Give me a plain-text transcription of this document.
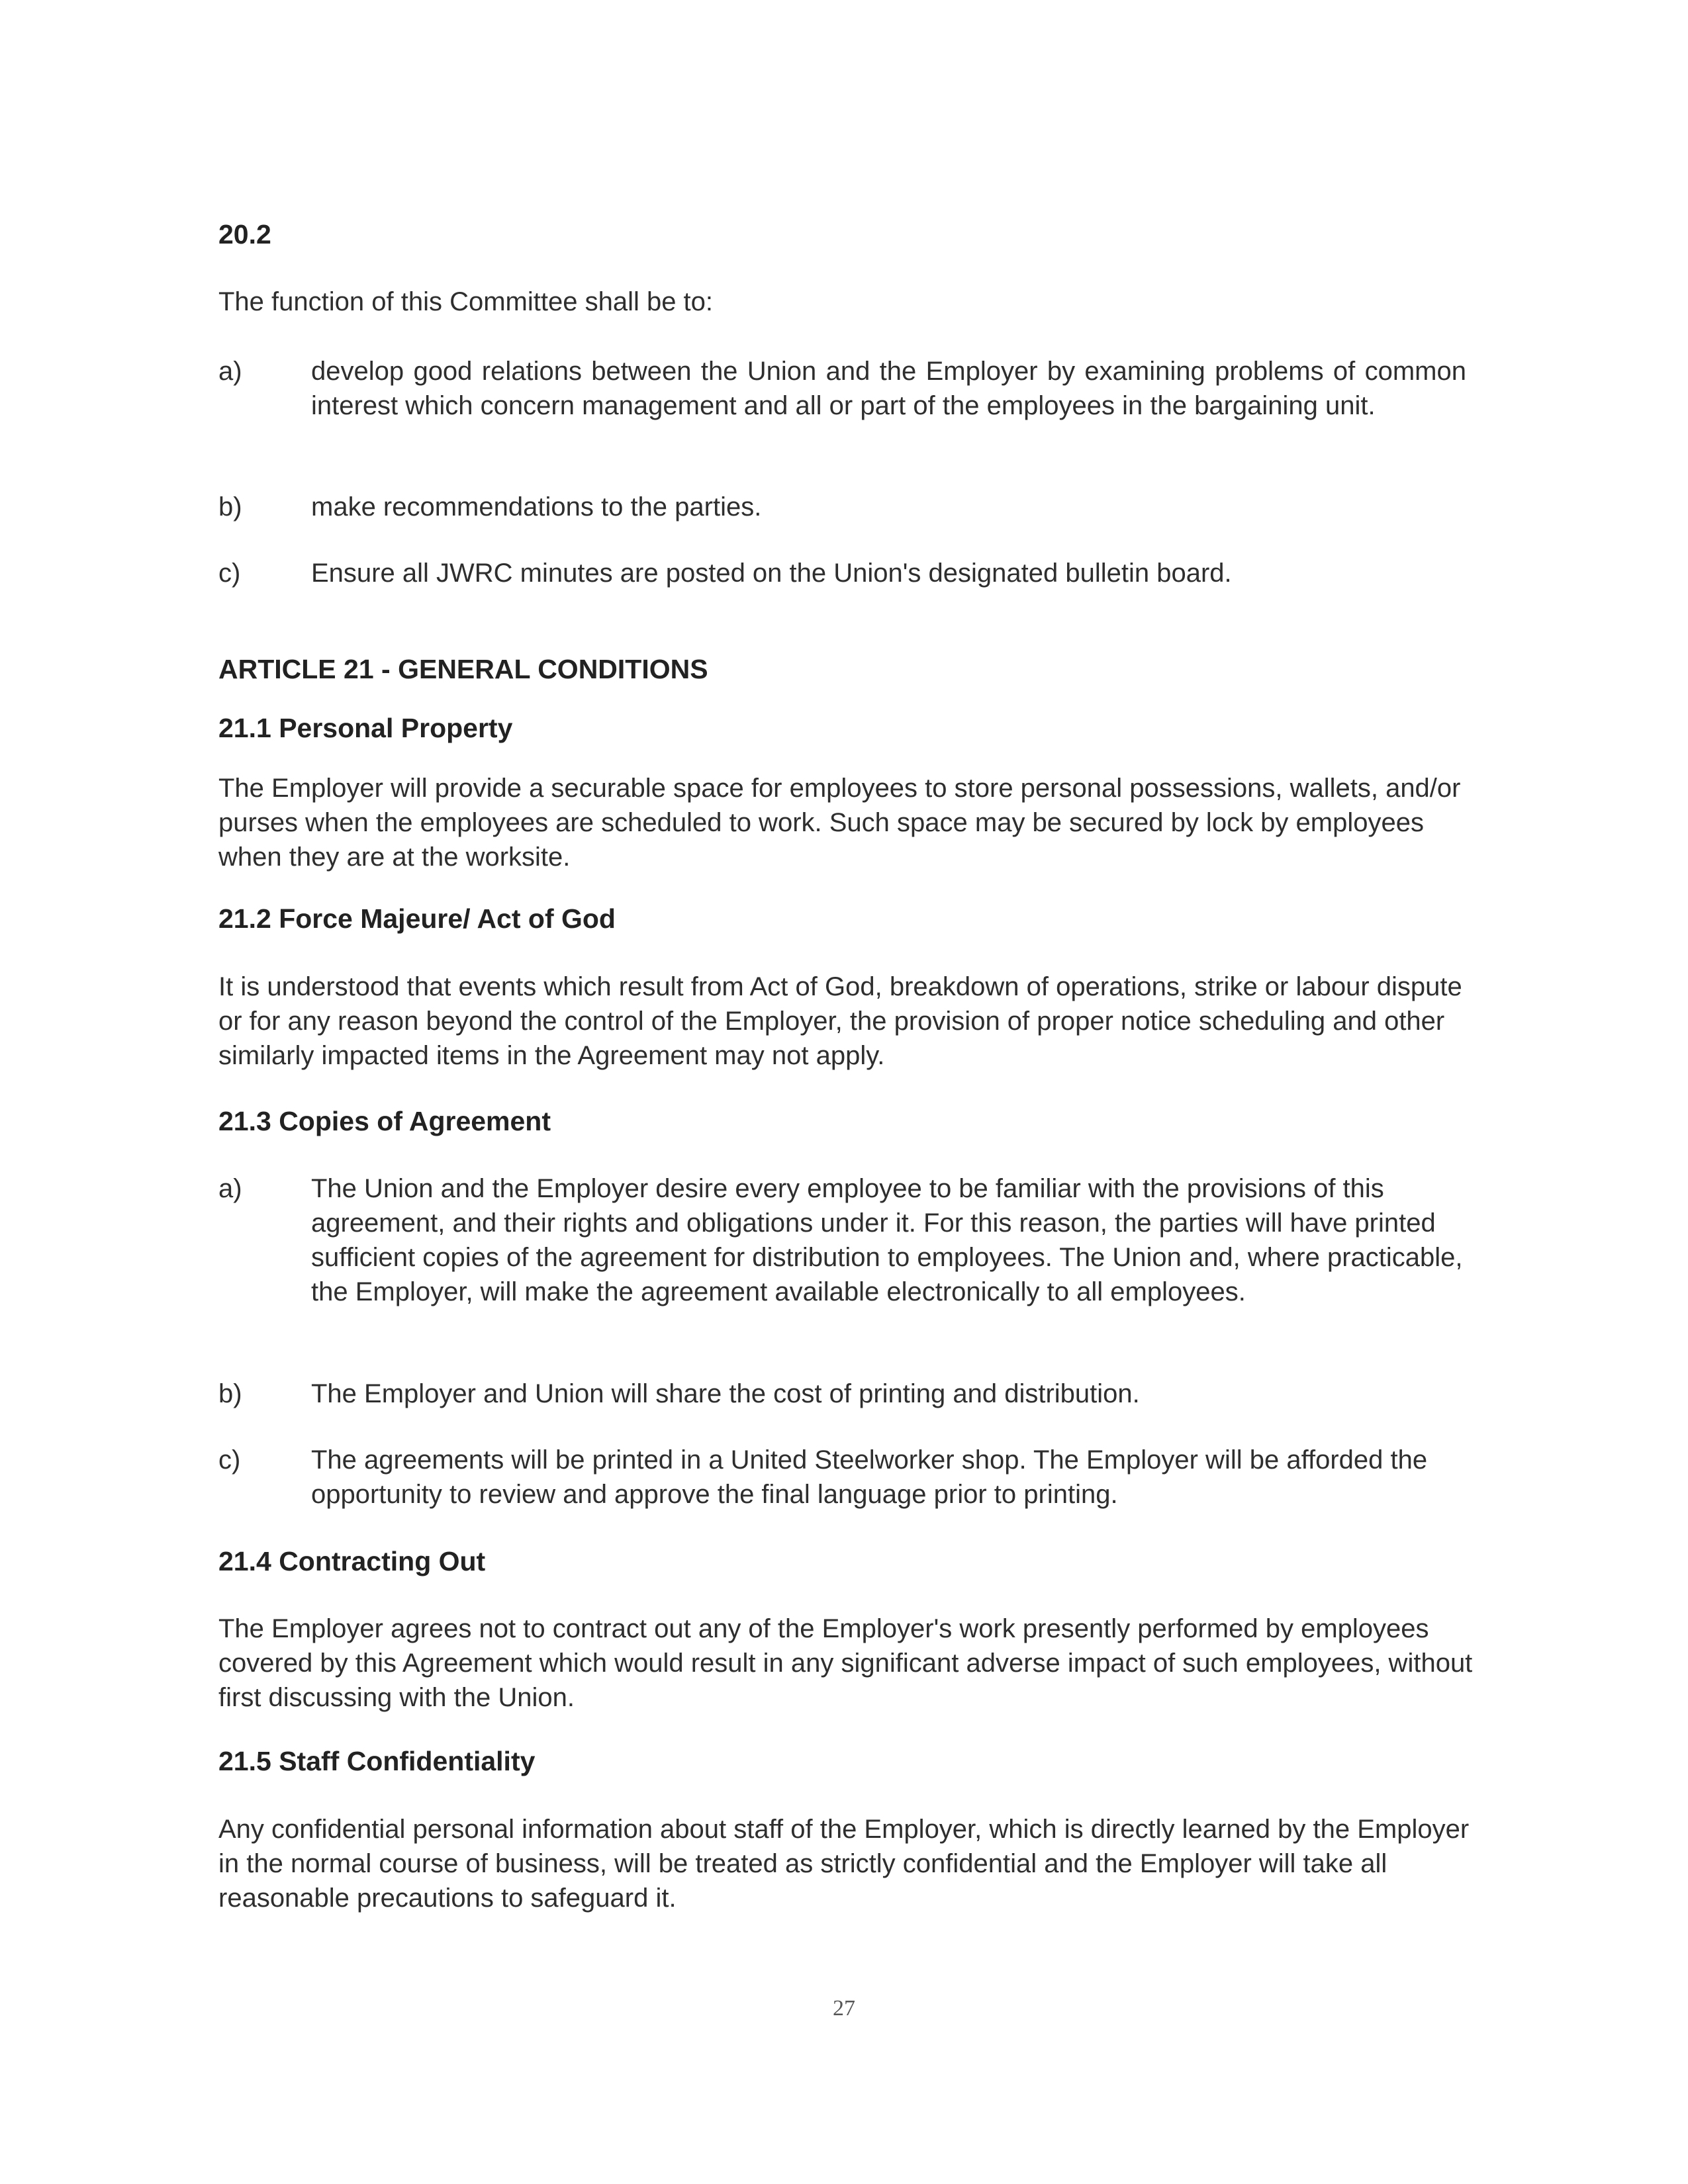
20.2
The function of this Committee shall be to:
a)	develop good relations between the Union and the Employer by examining problems of common interest which concern management and all or part of the employees in the bargaining unit.
b)	make recommendations to the parties.
c)	Ensure all JWRC minutes are posted on the Union's designated bulletin board.
ARTICLE 21 - GENERAL CONDITIONS
21.1 Personal Property
The Employer will provide a securable space for employees to store personal possessions, wallets, and/or purses when the employees are scheduled to work. Such space may be secured by lock by employees when they are at the worksite.
21.2 Force Majeure/ Act of God
It is understood that events which result from Act of God, breakdown of operations, strike or labour dispute or for any reason beyond the control of the Employer, the provision of proper notice scheduling and other similarly impacted items in the Agreement may not apply.
21.3 Copies of Agreement
a)	The Union and the Employer desire every employee to be familiar with the provisions of this agreement, and their rights and obligations under it. For this reason, the parties will have printed sufficient copies of the agreement for distribution to employees. The Union and, where practicable, the Employer, will make the agreement available electronically to all employees.
b)	The Employer and Union will share the cost of printing and distribution.
c)	The agreements will be printed in a United Steelworker shop. The Employer will be afforded the opportunity to review and approve the final language prior to printing.
21.4 Contracting Out
The Employer agrees not to contract out any of the Employer's work presently performed by employees covered by this Agreement which would result in any significant adverse impact of such employees, without first discussing with the Union.
21.5 Staff Confidentiality
Any confidential personal information about staff of the Employer, which is directly learned by the Employer in the normal course of business, will be treated as strictly confidential and the Employer will take all reasonable precautions to safeguard it.
27
